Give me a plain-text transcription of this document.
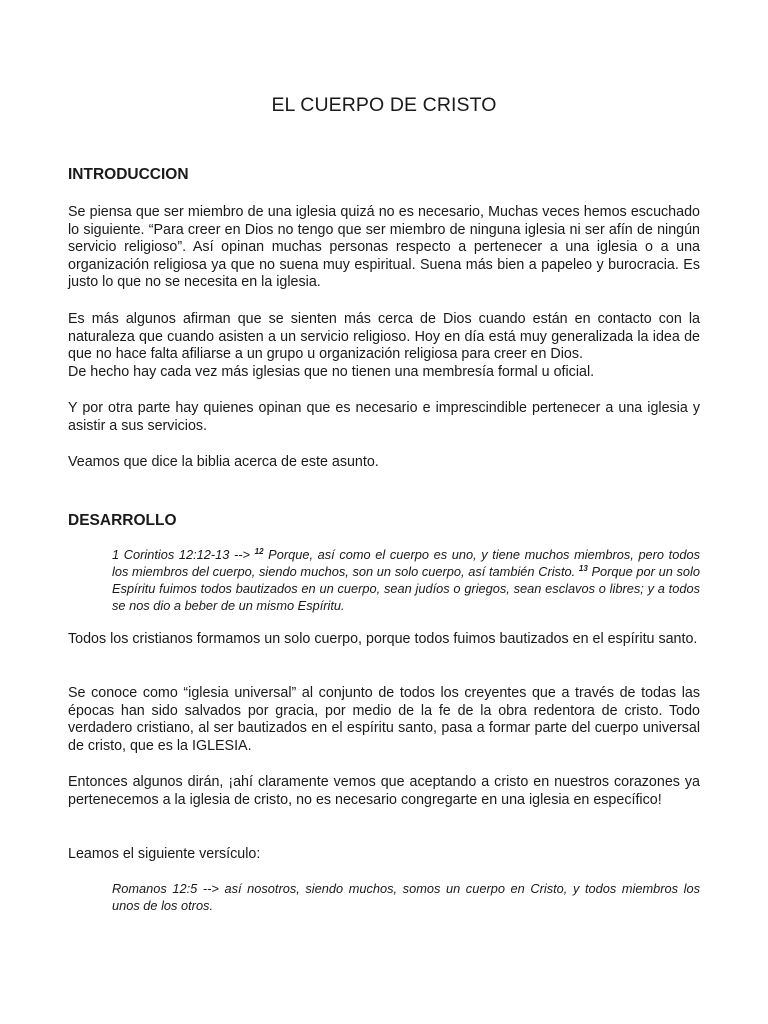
EL CUERPO DE CRISTO
INTRODUCCION

Se piensa que ser miembro de una iglesia quizá no es necesario, Muchas veces hemos escuchado lo siguiente. “Para creer en Dios no tengo que ser miembro de ninguna iglesia ni ser afín de ningún servicio religioso”. Así opinan muchas personas respecto a pertenecer a una iglesia o a una organización religiosa ya que no suena muy espiritual. Suena más bien a papeleo y burocracia. Es justo lo que no se necesita en la iglesia.

Es más algunos afirman que se sienten más cerca de Dios cuando están en contacto con la naturaleza que cuando asisten a un servicio religioso. Hoy en día está muy generalizada la idea de que no hace falta afiliarse a un grupo u organización religiosa para creer en Dios.

De hecho hay cada vez más iglesias que no tienen una membresía formal u oficial.

Y por otra parte hay quienes opinan que es necesario e imprescindible pertenecer a una iglesia y asistir a sus servicios.

Veamos que dice la biblia acerca de este asunto.

DESARROLLO

1 Corintios 12:12-13 --> $^{12}$ Porque, así como el cuerpo es uno, y tiene muchos miembros, pero todos los miembros del cuerpo, siendo muchos, son un solo cuerpo, así también Cristo. $^{13}$ Porque por un solo Espíritu fuimos todos bautizados en un cuerpo, sean judíos o griegos, sean esclavos o libres; y a todos se nos dio a beber de un mismo Espíritu.

Todos los cristianos formamos un solo cuerpo, porque todos fuimos bautizados en el espíritu santo.

Se conoce como “iglesia universal” al conjunto de todos los creyentes que a través de todas las épocas han sido salvados por gracia, por medio de la fe de la obra redentora de cristo. Todo verdadero cristiano, al ser bautizados en el espíritu santo, pasa a formar parte del cuerpo universal de cristo, que es la IGLESIA.

Entonces algunos dirán, ¡ahí claramente vemos que aceptando a cristo en nuestros corazones ya pertenecemos a la iglesia de cristo, no es necesario congregarte en una iglesia en específico!

Leamos el siguiente versículo:

Romanos 12:5 --> así nosotros, siendo muchos, somos un cuerpo en Cristo, y todos miembros los unos de los otros.
